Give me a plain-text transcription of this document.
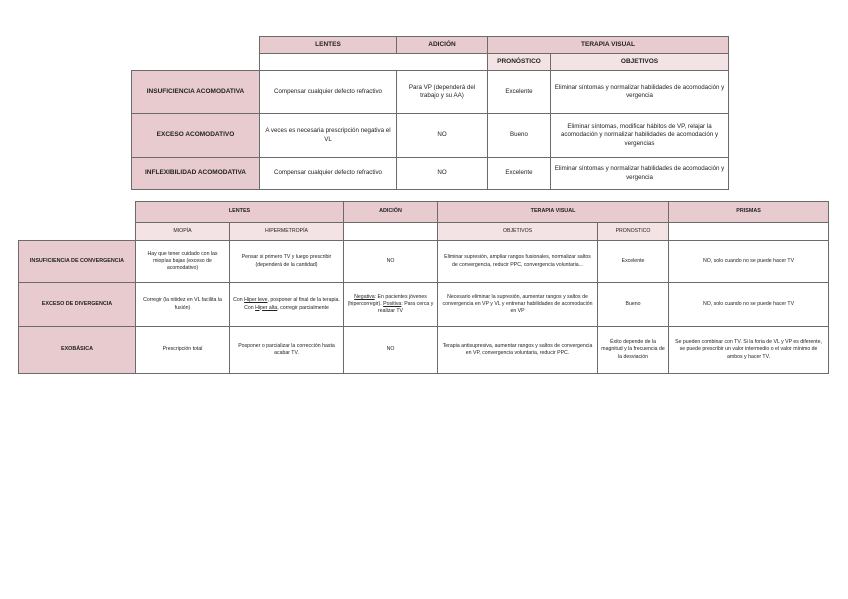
	LENTES	ADICIÓN	TERAPIA VISUAL	
			PRONÓSTICO	OBJETIVOS
INSUFICIENCIA ACOMODATIVA	Compensar cualquier defecto refractivo	Para VP (dependerá del trabajo y su AA)	Excelente	Eliminar síntomas y normalizar habilidades de acomodación y vergencia
EXCESO ACOMODATIVO	A veces es necesaria prescripción negativa el VL	NO	Bueno	Eliminar síntomas, modificar hábitos de VP, relajar la acomodación y normalizar habilidades de acomodación y vergencias
INFLEXIBILIDAD ACOMODATIVA	Compensar cualquier defecto refractivo	NO	Excelente	Eliminar síntomas y normalizar habilidades de acomodación y vergencia
	LENTES		ADICIÓN	TERAPIA VISUAL		PRISMAS
	MIOPÍA	HIPERMETROPÍA		OBJETIVOS	PRONOSTICO	
INSUFICIENCIA DE CONVERGENCIA	Hay que tener cuidado con las miopías bajas (exceso de acomodativo)	Pensar si primero TV y luego prescribir (dependerá de la cantidad)	NO	Eliminar supresión, ampliar rangos fusionales, normalizar saltos de convergencia, reducir PPC, convergencia voluntaria...	Excelente	NO, solo cuando no se puede hacer TV
EXCESO DE DIVERGENCIA	Corregir (la nitidez en VL facilita la fusión)	Con Hiper leve, posponer al final de la terapia. Con Hiper alta, corregir parcialmente	Negativa: En pacientes jóvenes (hipercorregir). Positiva: Para cerca y realizar TV	Necesario eliminar la supresión, aumentar rangos y saltos de convergencia en VP y VL y entrenar habilidades de acomodación en VP	Bueno	NO, solo cuando no se puede hacer TV
EXOBÁSICA	Prescripción total	Posponer o parcializar la corrección hasta acabar TV.	NO	Terapia antisupresiva, aumentar rangos y saltos de convergencia en VP, convergencia voluntaria, reducir PPC.	Éxito depende de la magnitud y la frecuencia de la desviación	Se pueden combinar con TV. Si la foria de VL y VP es diferente, se puede prescribir un valor intermedio o el valor mínimo de ambos y hacer TV.
